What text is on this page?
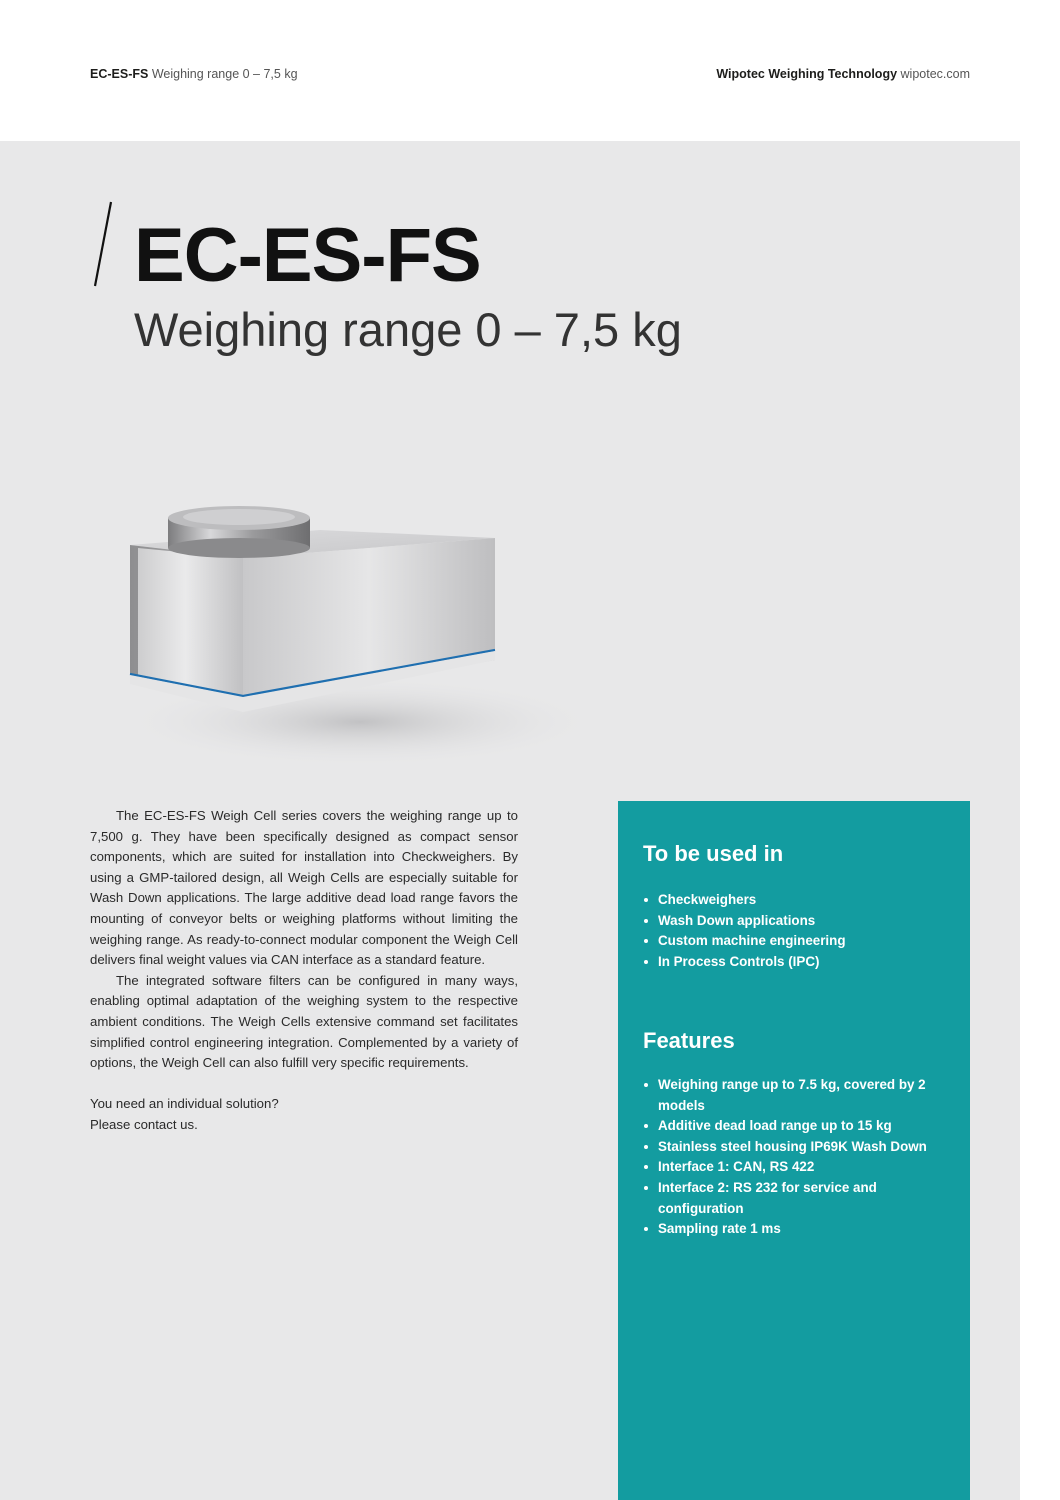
EC-ES-FS Weighing range 0 – 7,5 kg	Wipotec Weighing Technology wipotec.com
EC-ES-FS
Weighing range 0 – 7,5 kg

The EC-ES-FS Weigh Cell series covers the weighing range up to 7,500 g. They have been specifically designed as compact sensor components, which are suited for installation into Checkweighers. By using a GMP-tailored design, all Weigh Cells are especially suitable for Wash Down applications. The large additive dead load range favors the mounting of conveyor belts or weighing platforms without limiting the weighing range. As ready-to-connect modular component the Weigh Cell delivers final weight values via CAN interface as a standard feature.

The integrated software filters can be configured in many ways, enabling optimal adaptation of the weighing system to the respective ambient conditions. The Weigh Cells extensive command set facilitates simplified control engineering integration. Complemented by a variety of options, the Weigh Cell can also fulfill very specific requirements.

You need an individual solution?
Please contact us.

To be used in
Checkweighers
Wash Down applications
Custom machine engineering
In Process Controls (IPC)
Features
Weighing range up to 7.5 kg, covered by 2 models
Additive dead load range up to 15 kg
Stainless steel housing IP69K Wash Down
Interface 1: CAN, RS 422
Interface 2: RS 232 for service and configuration
Sampling rate 1 ms
